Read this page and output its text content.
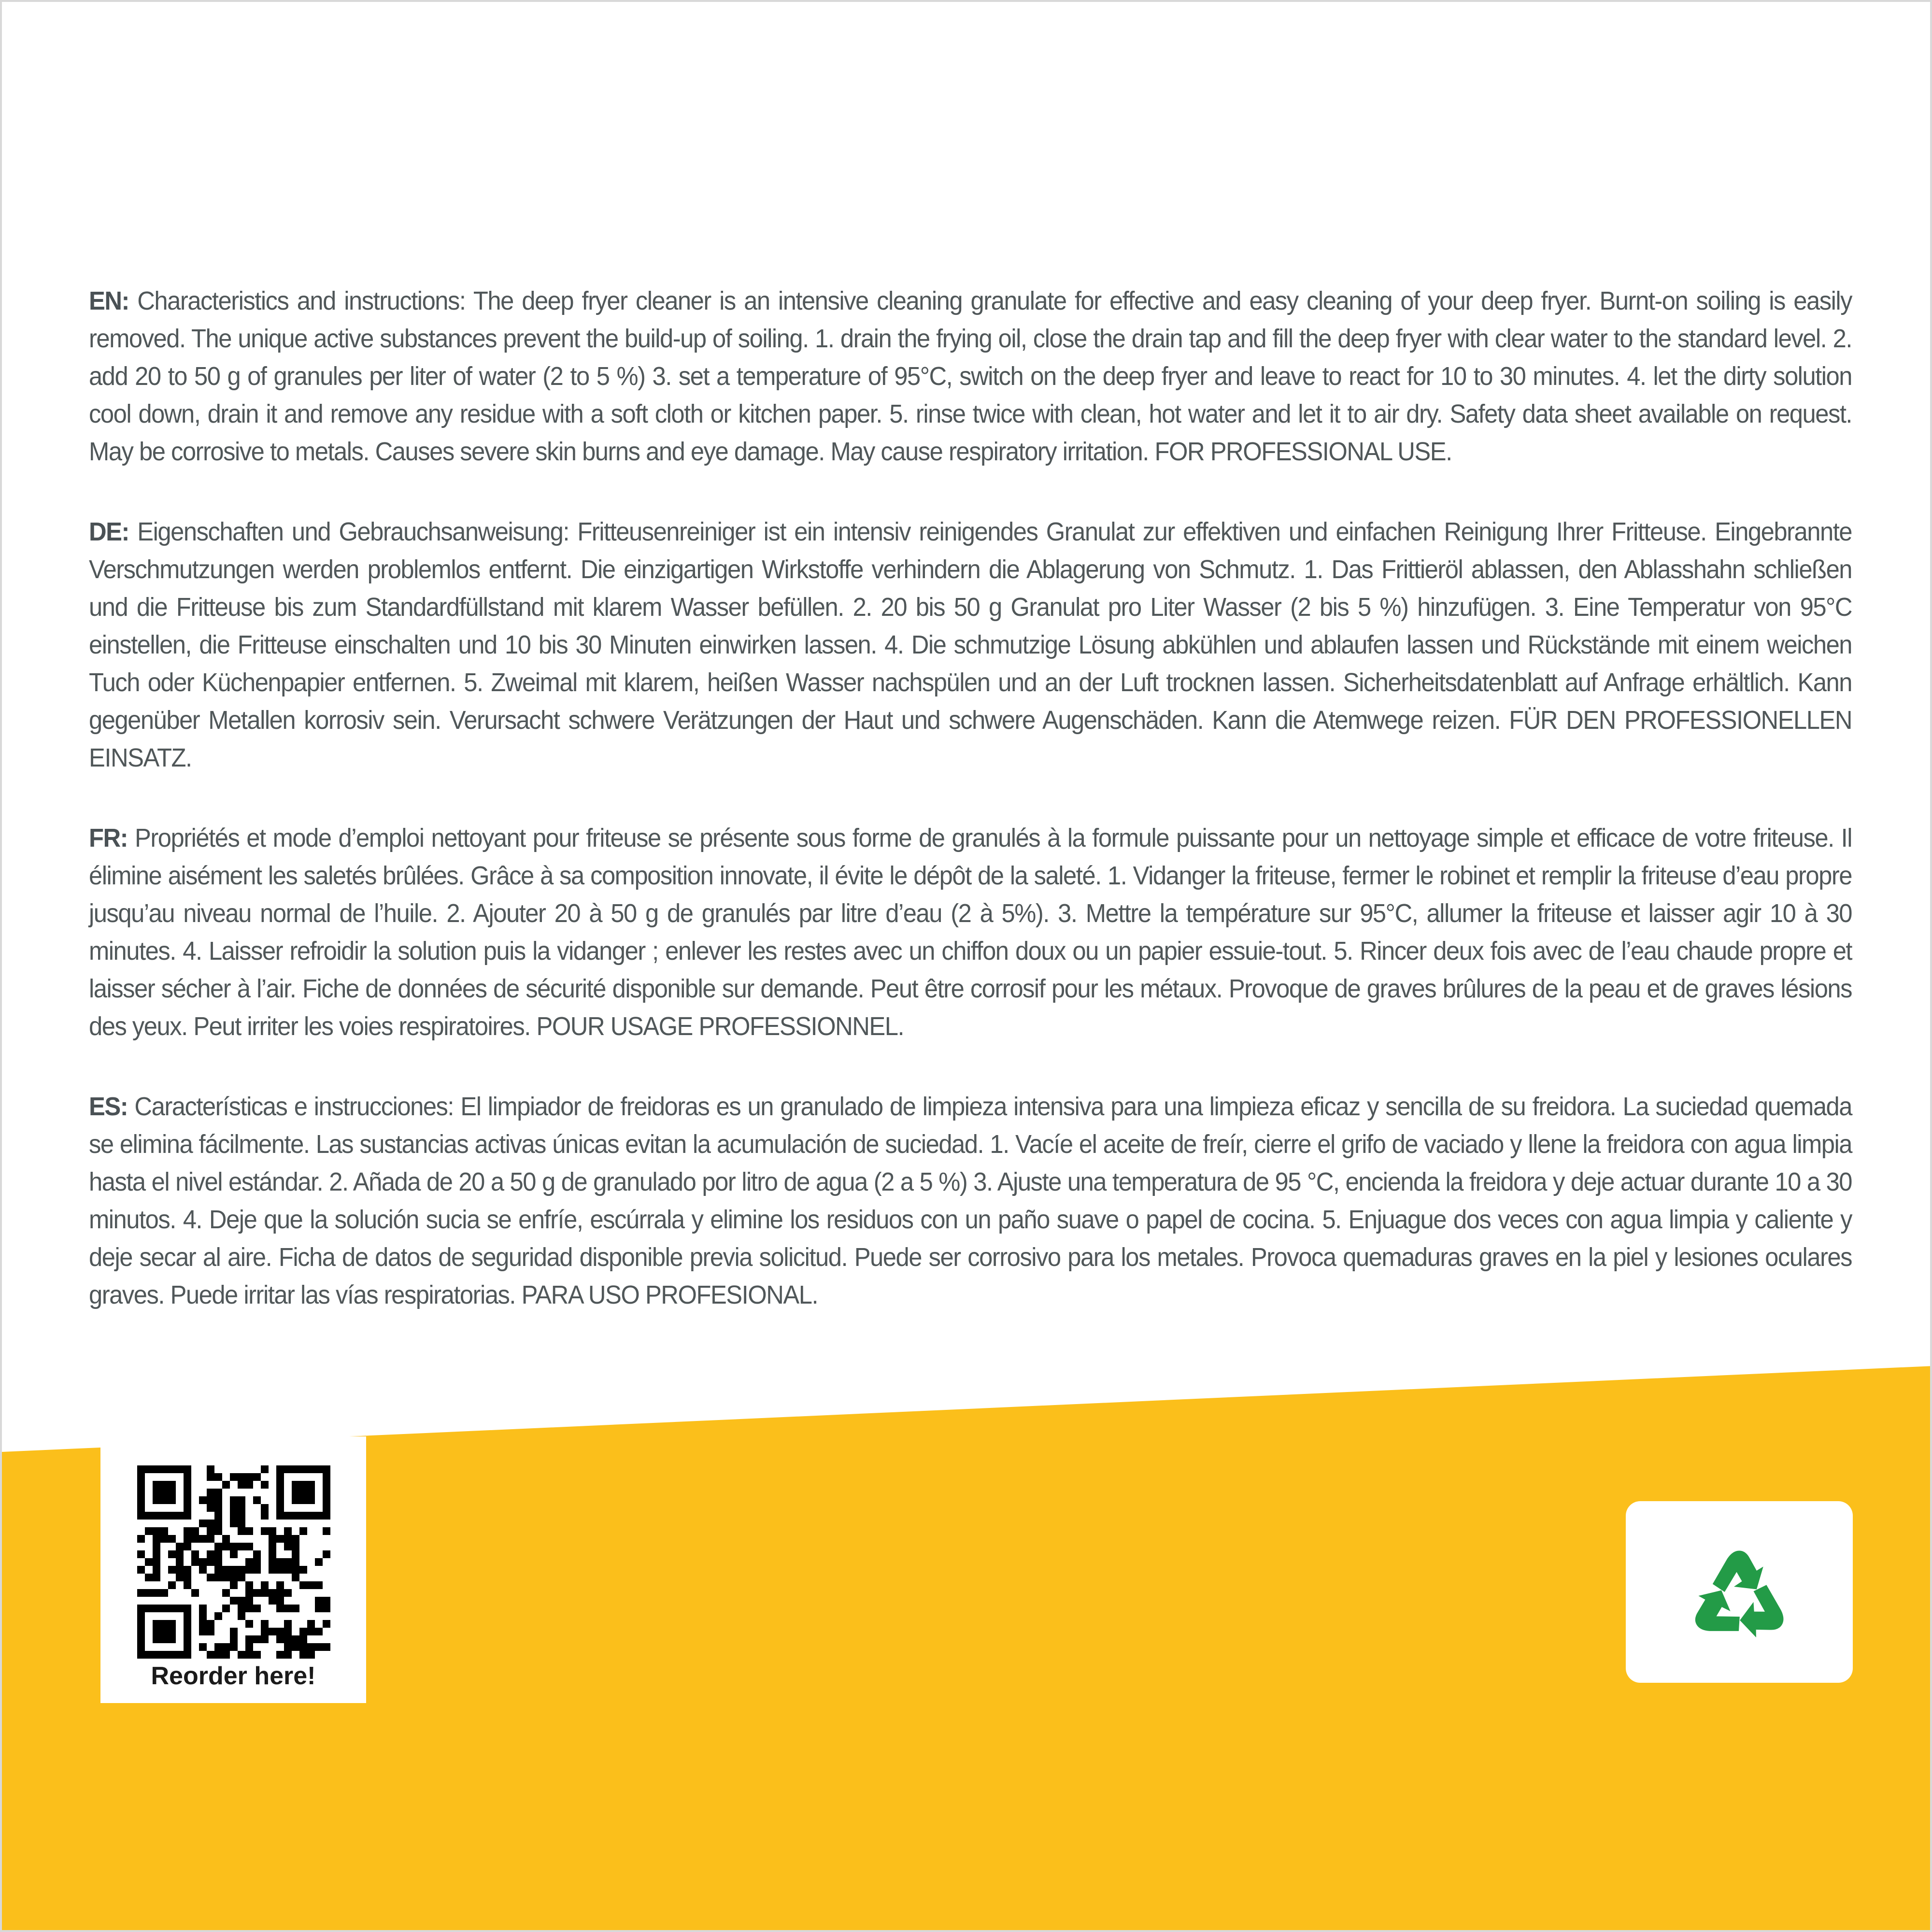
EN: Characteristics and instructions: The deep fryer cleaner is an intensive cleaning granulate for effective and easy cleaning of your deep fryer. Burnt-on soiling is easily removed. The unique active substances prevent the build-up of soiling. 1. drain the frying oil, close the drain tap and fill the deep fryer with clear water to the standard level. 2. add 20 to 50 g of granules per liter of water (2 to 5 %) 3. set a temperature of 95°C, switch on the deep fryer and leave to react for 10 to 30 minutes. 4. let the dirty solution cool down, drain it and remove any residue with a soft cloth or kitchen paper. 5. rinse twice with clean, hot water and let it to air dry. Safety data sheet available on request. May be corrosive to metals. Causes severe skin burns and eye damage. May cause respiratory irritation. FOR PROFESSIONAL USE.

DE: Eigenschaften und Gebrauchsanweisung: Fritteusenreiniger ist ein intensiv reinigendes Granulat zur effektiven und einfachen Reinigung Ihrer Fritteuse. Eingebrannte Verschmutzungen werden problemlos entfernt. Die einzigartigen Wirkstoffe verhindern die Ablagerung von Schmutz. 1. Das Frittieröl ablassen, den Ablasshahn schließen und die Fritteuse bis zum Standardfüllstand mit klarem Wasser befüllen. 2. 20 bis 50 g Granulat pro Liter Wasser (2 bis 5 %) hinzufügen. 3. Eine Temperatur von 95°C einstellen, die Fritteuse einschalten und 10 bis 30 Minuten einwirken lassen. 4. Die schmutzige Lösung abkühlen und ablaufen lassen und Rückstände mit einem weichen Tuch oder Küchenpapier entfernen. 5. Zweimal mit klarem, heißen Wasser nachspülen und an der Luft trocknen lassen. Sicherheitsdatenblatt auf Anfrage erhältlich. Kann gegenüber Metallen korrosiv sein. Verursacht schwere Verätzungen der Haut und schwere Augenschäden. Kann die Atemwege reizen. FÜR DEN PROFESSIONELLEN EINSATZ.

FR: Propriétés et mode d’emploi nettoyant pour friteuse se présente sous forme de granulés à la formule puissante pour un nettoyage simple et efficace de votre friteuse. Il élimine aisément les saletés brûlées. Grâce à sa composition innovate, il évite le dépôt de la saleté. 1. Vidanger la friteuse, fermer le robinet et remplir la friteuse d’eau propre jusqu’au niveau normal de l’huile. 2. Ajouter 20 à 50 g de granulés par litre d’eau (2 à 5%). 3. Mettre la température sur 95°C, allumer la friteuse et laisser agir 10 à 30 minutes. 4. Laisser refroidir la solution puis la vidanger ; enlever les restes avec un chiffon doux ou un papier essuie-tout. 5. Rincer deux fois avec de l’eau chaude propre et laisser sécher à l’air. Fiche de données de sécurité disponible sur demande. Peut être corrosif pour les métaux. Provoque de graves brûlures de la peau et de graves lésions des yeux. Peut irriter les voies respiratoires. POUR USAGE PROFESSIONNEL.

ES: Características e instrucciones: El limpiador de freidoras es un granulado de limpieza intensiva para una limpieza eficaz y sencilla de su freidora. La suciedad quemada se elimina fácilmente. Las sustancias activas únicas evitan la acumulación de suciedad. 1. Vacíe el aceite de freír, cierre el grifo de vaciado y llene la freidora con agua limpia hasta el nivel estándar. 2. Añada de 20 a 50 g de granulado por litro de agua (2 a 5 %) 3. Ajuste una temperatura de 95 °C, encienda la freidora y deje actuar durante 10 a 30 minutos. 4. Deje que la solución sucia se enfríe, escúrrala y elimine los residuos con un paño suave o papel de cocina. 5. Enjuague dos veces con agua limpia y caliente y deje secar al aire. Ficha de datos de seguridad disponible previa solicitud. Puede ser corrosivo para los metales. Provoca quemaduras graves en la piel y lesiones oculares graves. Puede irritar las vías respiratorias. PARA USO PROFESIONAL.

Reorder here!
